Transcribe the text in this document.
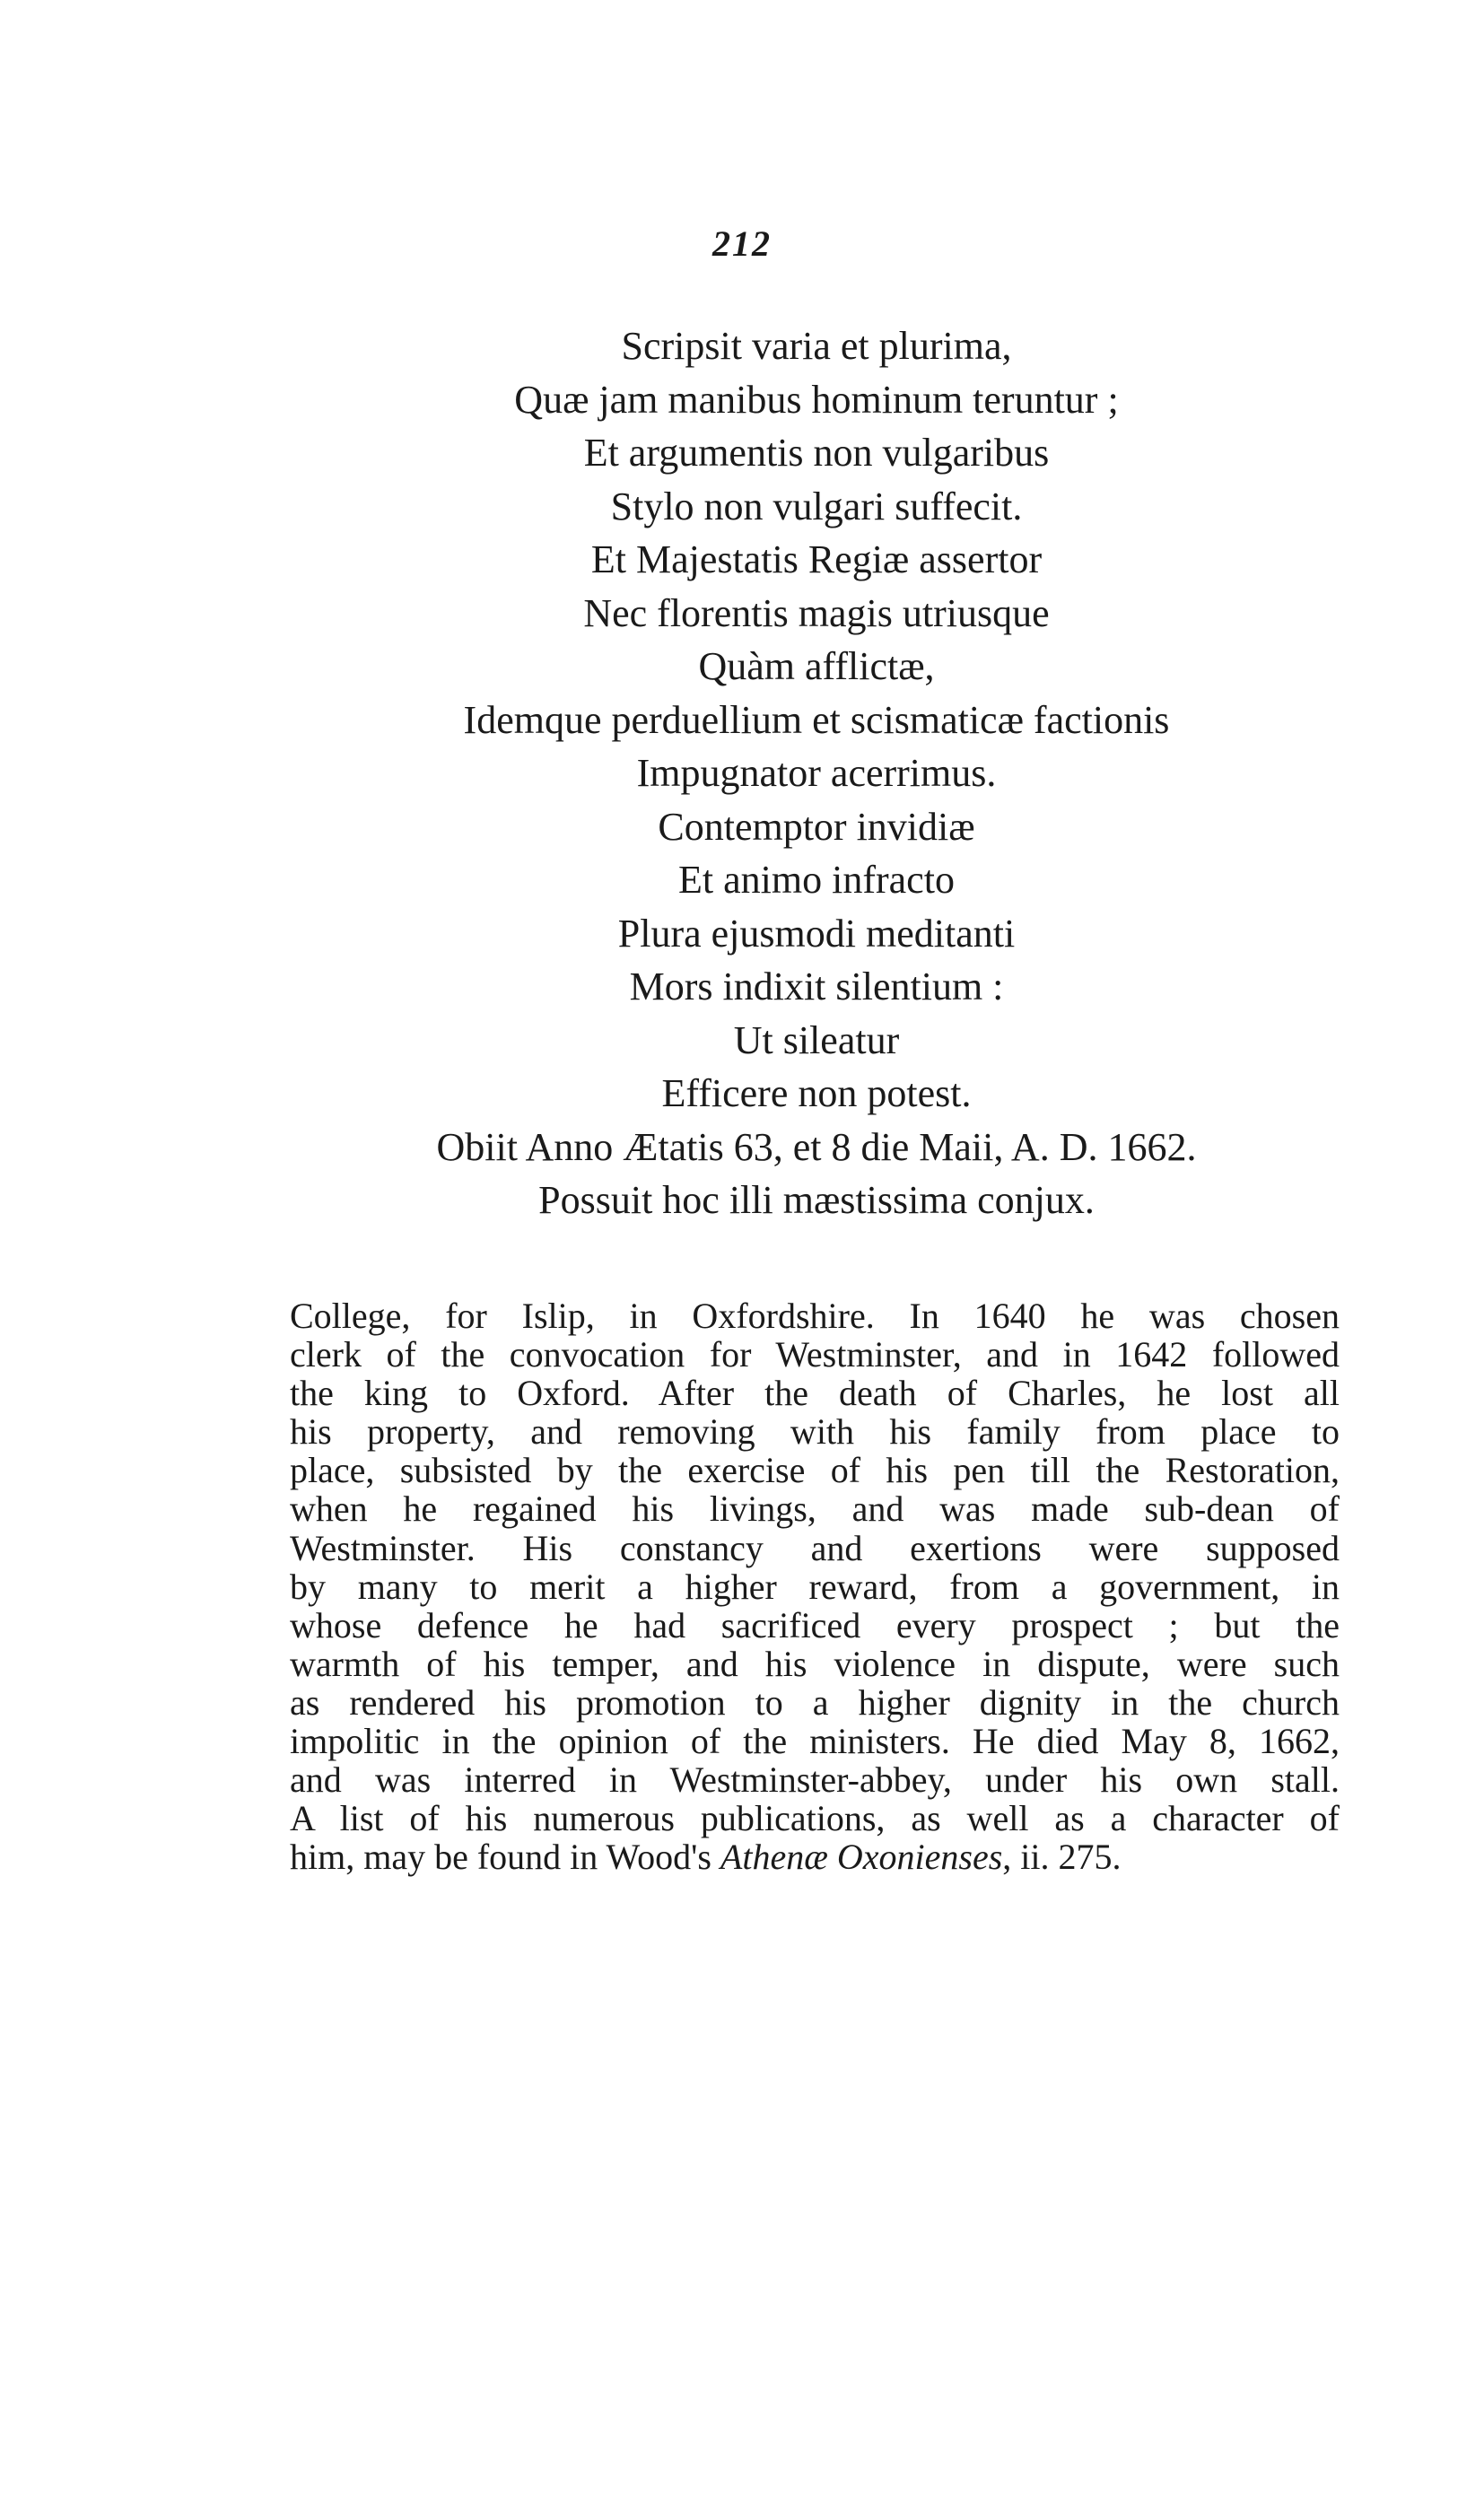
212
Scripsit varia et plurima,
Quæ jam manibus hominum teruntur ;
Et argumentis non vulgaribus
Stylo non vulgari suffecit.
Et Majestatis Regiæ assertor
Nec florentis magis utriusque
Quàm afflictæ,
Idemque perduellium et scismaticæ factionis
Impugnator acerrimus.
Contemptor invidiæ
Et animo infracto
Plura ejusmodi meditanti
Mors indixit silentium :
Ut sileatur
Efficere non potest.
Obiit Anno Ætatis 63, et 8 die Maii, A. D. 1662.
Possuit hoc illi mæstissima conjux.

College, for Islip, in Oxfordshire. In 1640 he was chosen
clerk of the convocation for Westminster, and in 1642 followed
the king to Oxford. After the death of Charles, he lost all
his property, and removing with his family from place to
place, subsisted by the exercise of his pen till the Restoration,
when he regained his livings, and was made sub-dean of
Westminster. His constancy and exertions were supposed
by many to merit a higher reward, from a government, in
whose defence he had sacrificed every prospect ; but the
warmth of his temper, and his violence in dispute, were such
as rendered his promotion to a higher dignity in the church
impolitic in the opinion of the ministers. He died May 8, 1662,
and was interred in Westminster-abbey, under his own stall.
A list of his numerous publications, as well as a character of
him, may be found in Wood's Athenæ Oxonienses, ii. 275.
